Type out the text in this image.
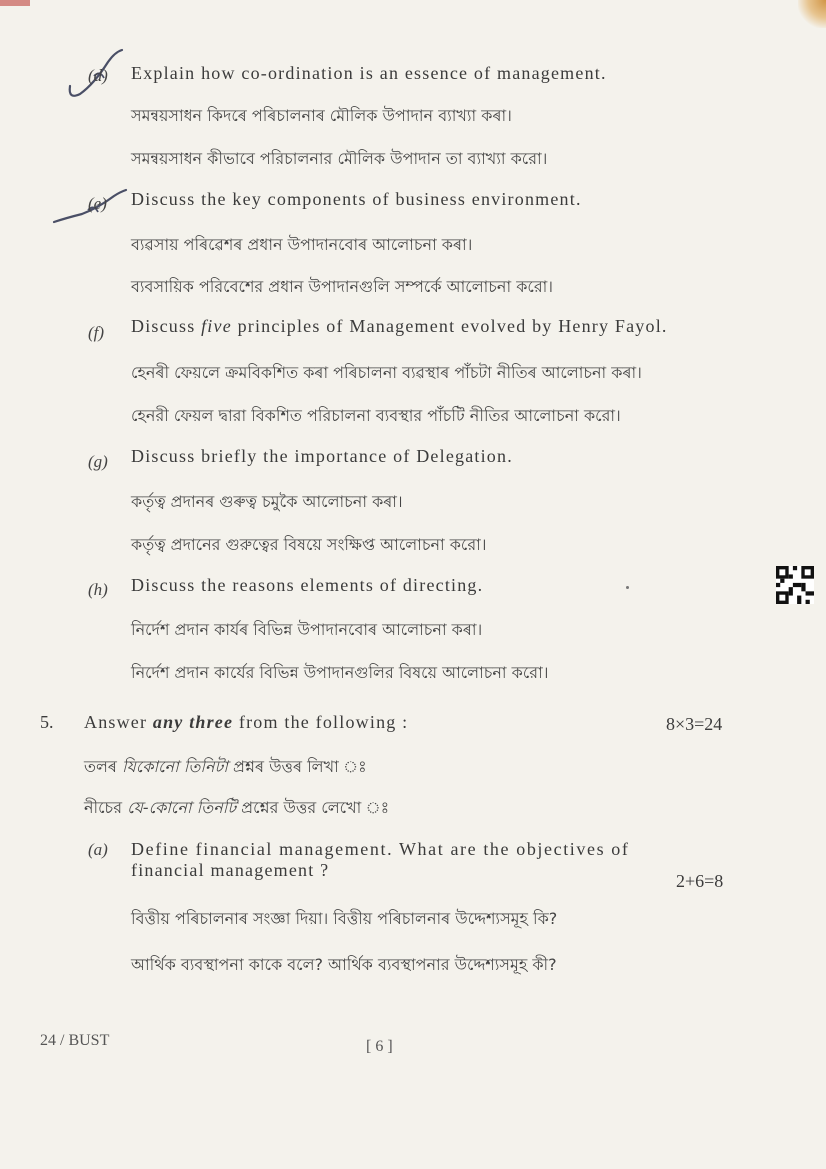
(d) Explain how co-ordination is an essence of management.
সমন্বয়সাধন কিদৰে পৰিচালনাৰ মৌলিক উপাদান ব্যাখ্যা কৰা।
সমন্বয়সাধন কীভাবে পরিচালনার মৌলিক উপাদান তা ব্যাখ্যা করো।
(e) Discuss the key components of business environment.
ব্যৱসায় পৰিৱেশৰ প্ৰধান উপাদানবোৰ আলোচনা কৰা।
ব্যবসায়িক পরিবেশের প্রধান উপাদানগুলি সম্পর্কে আলোচনা করো।
(f) Discuss five principles of Management evolved by Henry Fayol.
হেনৰী ফেয়লে ক্ৰমবিকশিত কৰা পৰিচালনা ব্যৱস্থাৰ পাঁচটা নীতিৰ আলোচনা কৰা।
হেনরী ফেয়ল দ্বারা বিকশিত পরিচালনা ব্যবস্থার পাঁচটি নীতির আলোচনা করো।
(g) Discuss briefly the importance of Delegation.
কৰ্তৃত্ব প্ৰদানৰ গুৰুত্ব চমুকৈ আলোচনা কৰা।
কর্তৃত্ব প্রদানের গুরুত্বের বিষয়ে সংক্ষিপ্ত আলোচনা করো।
(h) Discuss the reasons elements of directing.
নিৰ্দেশ প্ৰদান কাৰ্যৰ বিভিন্ন উপাদানবোৰ আলোচনা কৰা।
নির্দেশ প্রদান কার্যের বিভিন্ন উপাদানগুলির বিষয়ে আলোচনা করো।
5. Answer any three from the following :	8×3=24
তলৰ যিকোনো তিনিটা প্ৰশ্নৰ উত্তৰ লিখা ঃ
নীচের যে-কোনো তিনটি প্রশ্নের উত্তর লেখো ঃ
(a) Define financial management. What are the objectives of
financial management ?
2+6=8
বিত্তীয় পৰিচালনাৰ সংজ্ঞা দিয়া। বিত্তীয় পৰিচালনাৰ উদ্দেশ্যসমূহ কি?
আর্থিক ব্যবস্থাপনা কাকে বলে? আর্থিক ব্যবস্থাপনার উদ্দেশ্যসমূহ কী?
24 / BUST	[ 6 ]
